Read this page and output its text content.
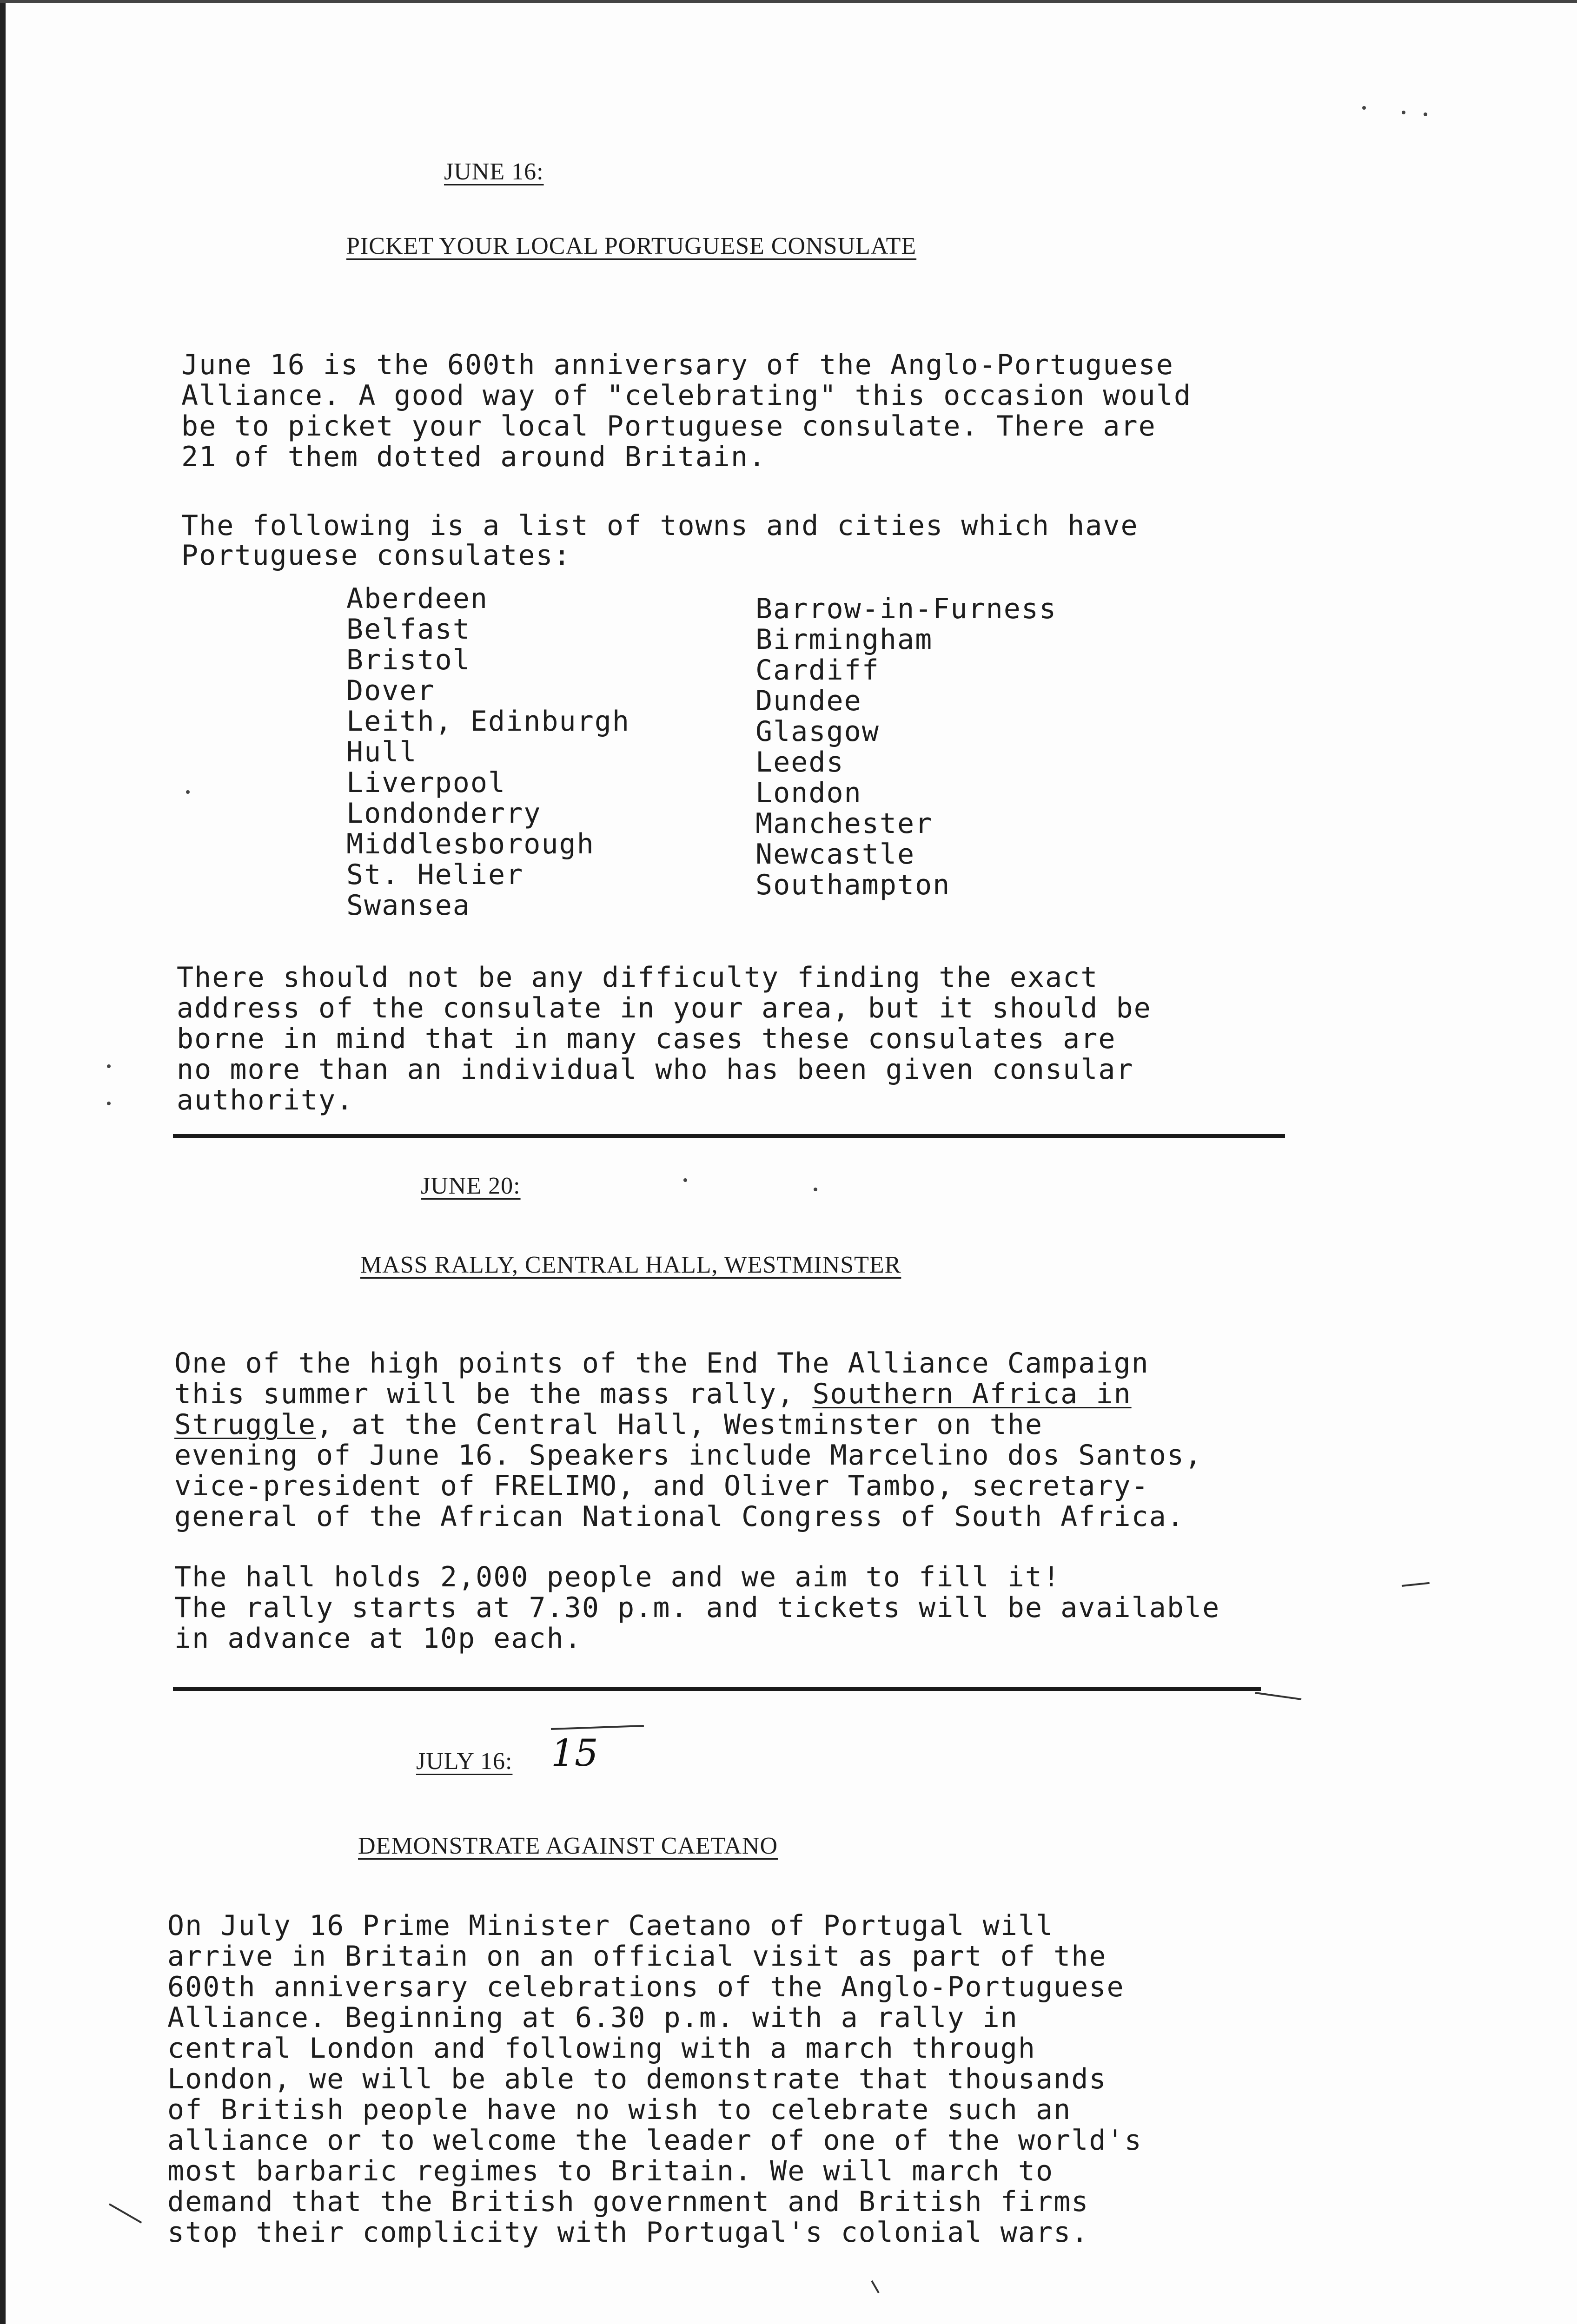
JUNE 16:
PICKET YOUR LOCAL PORTUGUESE CONSULATE
June 16 is the 600th anniversary of the Anglo-Portuguese
Alliance. A good way of "celebrating" this occasion would
be to picket your local Portuguese consulate. There are
21 of them dotted around Britain.
The following is a list of towns and cities which have
Portuguese consulates:
Aberdeen
Belfast
Bristol
Dover
Leith, Edinburgh
Hull
Liverpool
Londonderry
Middlesborough
St. Helier
Swansea
Barrow-in-Furness
Birmingham
Cardiff
Dundee
Glasgow
Leeds
London
Manchester
Newcastle
Southampton
There should not be any difficulty finding the exact
address of the consulate in your area, but it should be
borne in mind that in many cases these consulates are
no more than an individual who has been given consular
authority.
JUNE 20:
MASS RALLY, CENTRAL HALL, WESTMINSTER
One of the high points of the End The Alliance Campaign
this summer will be the mass rally, Southern Africa in
Struggle, at the Central Hall, Westminster on the
evening of June 16. Speakers include Marcelino dos Santos,
vice-president of FRELIMO, and Oliver Tambo, secretary-
general of the African National Congress of South Africa.
The hall holds 2,000 people and we aim to fill it!
The rally starts at 7.30 p.m. and tickets will be available
in advance at 10p each.
JULY 16: 15
DEMONSTRATE AGAINST CAETANO
On July 16 Prime Minister Caetano of Portugal will
arrive in Britain on an official visit as part of the
600th anniversary celebrations of the Anglo-Portuguese
Alliance. Beginning at 6.30 p.m. with a rally in
central London and following with a march through
London, we will be able to demonstrate that thousands
of British people have no wish to celebrate such an
alliance or to welcome the leader of one of the world's
most barbaric regimes to Britain. We will march to
demand that the British government and British firms
stop their complicity with Portugal's colonial wars.
